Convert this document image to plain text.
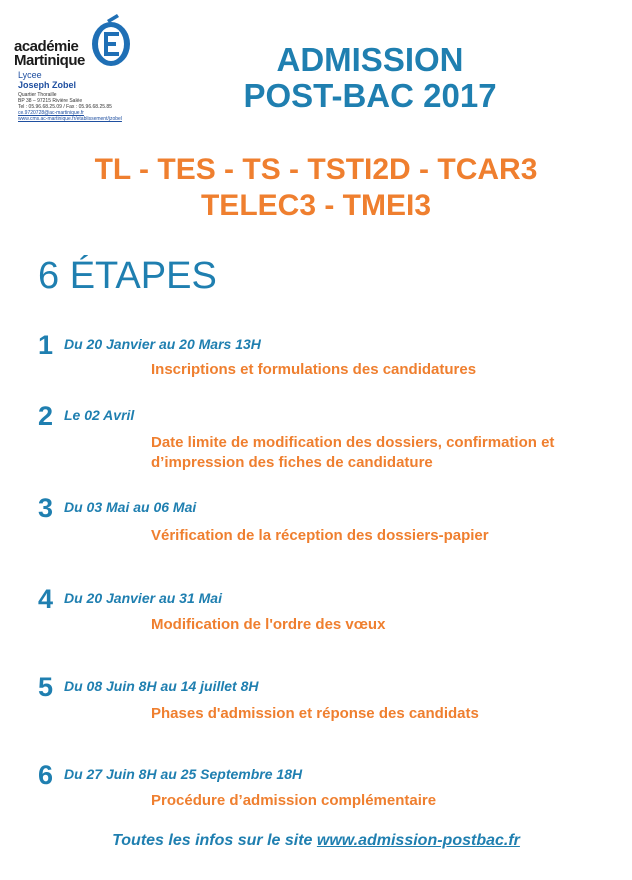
académie
Martinique
Lycee
Joseph Zobel
Quartier Thoraille
BP 38 – 97215 Rivière Salée
Tel : 05.96.68.25.09 / Fax : 05.96.68.25.85
ce.9720728@ac-martinique.fr
www.cms.ac-martinique.fr/etablissement/jzobel
ADMISSION
POST-BAC 2017
TL - TES - TS - TSTI2D - TCAR3
TELEC3 - TMEI3
6 ÉTAPES
1 Du 20 Janvier au 20 Mars 13H
Inscriptions et formulations des candidatures
2 Le 02 Avril
Date limite de modification des dossiers, confirmation et d’impression des fiches de candidature
3 Du 03 Mai au 06 Mai
Vérification de la réception des dossiers-papier
4 Du 20 Janvier au 31 Mai
Modification de l'ordre des vœux
5 Du 08 Juin 8H au 14 juillet 8H
Phases d'admission et réponse des candidats
6 Du 27 Juin 8H au 25 Septembre 18H
Procédure d’admission complémentaire
Toutes les infos sur le site www.admission-postbac.fr
